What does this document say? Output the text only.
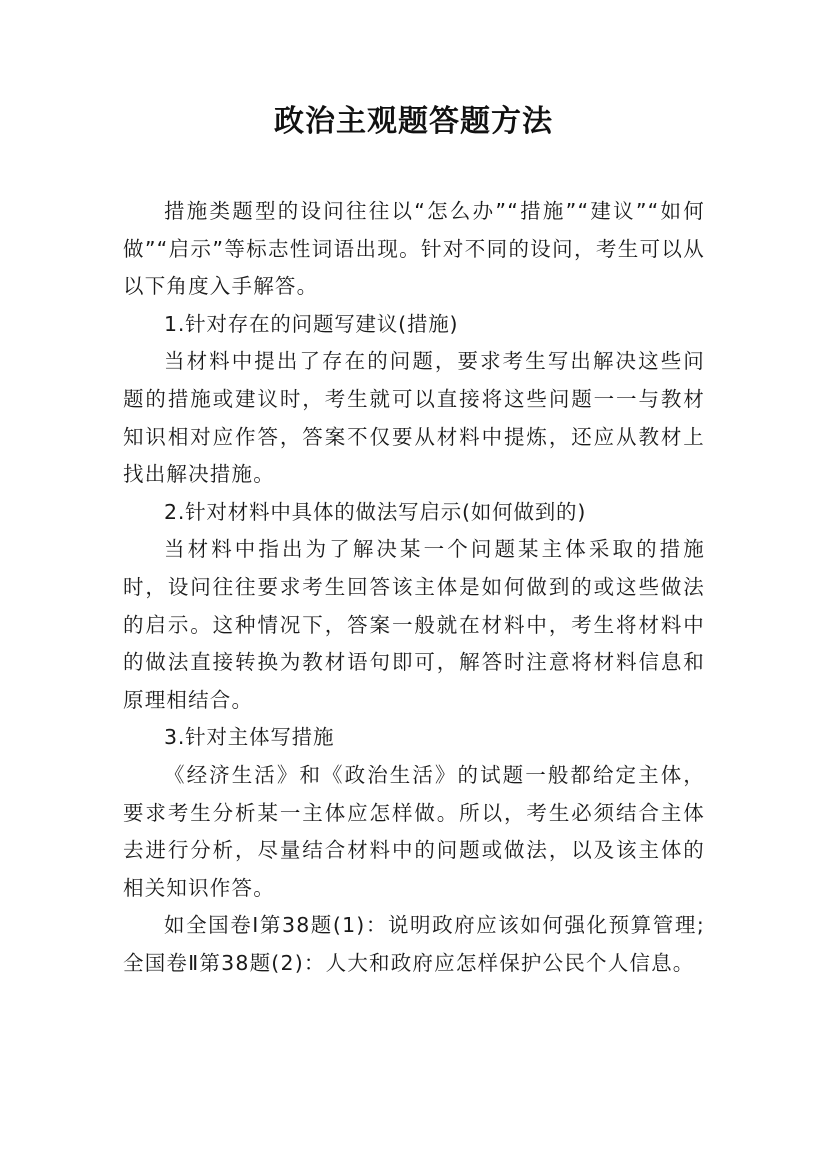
政治主观题答题方法

措施类题型的设问往往以“怎么办”“措施”“建议”“如何做”“启示”等标志性词语出现。针对不同的设问，考生可以从以下角度入手解答。

1.针对存在的问题写建议(措施)

当材料中提出了存在的问题，要求考生写出解决这些问题的措施或建议时，考生就可以直接将这些问题一一与教材知识相对应作答，答案不仅要从材料中提炼，还应从教材上找出解决措施。

2.针对材料中具体的做法写启示(如何做到的)

当材料中指出为了解决某一个问题某主体采取的措施时，设问往往要求考生回答该主体是如何做到的或这些做法的启示。这种情况下，答案一般就在材料中，考生将材料中的做法直接转换为教材语句即可，解答时注意将材料信息和原理相结合。

3.针对主体写措施

《经济生活》和《政治生活》的试题一般都给定主体，要求考生分析某一主体应怎样做。所以，考生必须结合主体去进行分析，尽量结合材料中的问题或做法，以及该主体的相关知识作答。

如全国卷Ⅰ第38题(1)：说明政府应该如何强化预算管理;全国卷Ⅱ第38题(2)：人大和政府应怎样保护公民个人信息。
